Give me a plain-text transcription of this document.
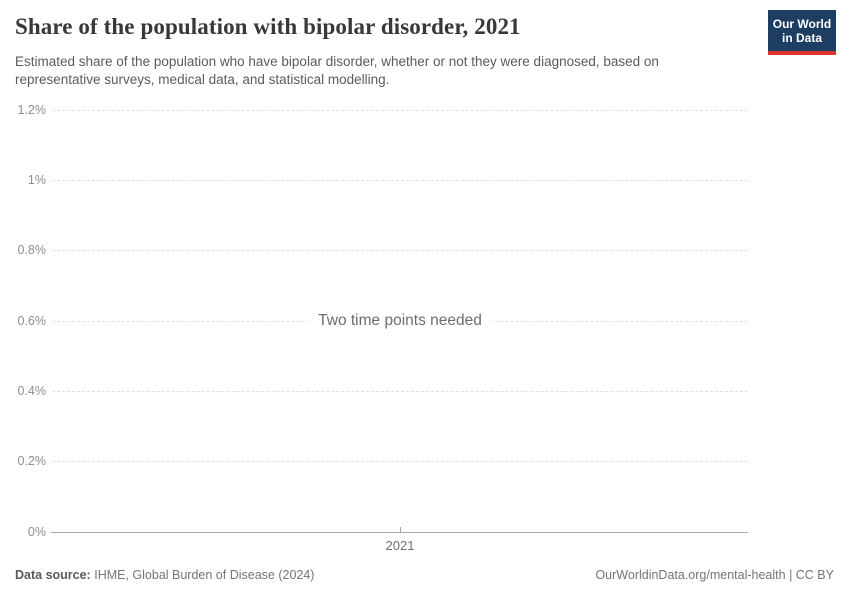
Share of the population with bipolar disorder, 2021

Estimated share of the population who have bipolar disorder, whether or not they were diagnosed, based on representative surveys, medical data, and statistical modelling.

Our World
in Data
1.2%
1%
0.8%
0.6%
0.4%
0.2%
0%
Two time points needed
2021
Data source: IHME, Global Burden of Disease (2024)	OurWorldinData.org/mental-health | CC BY
